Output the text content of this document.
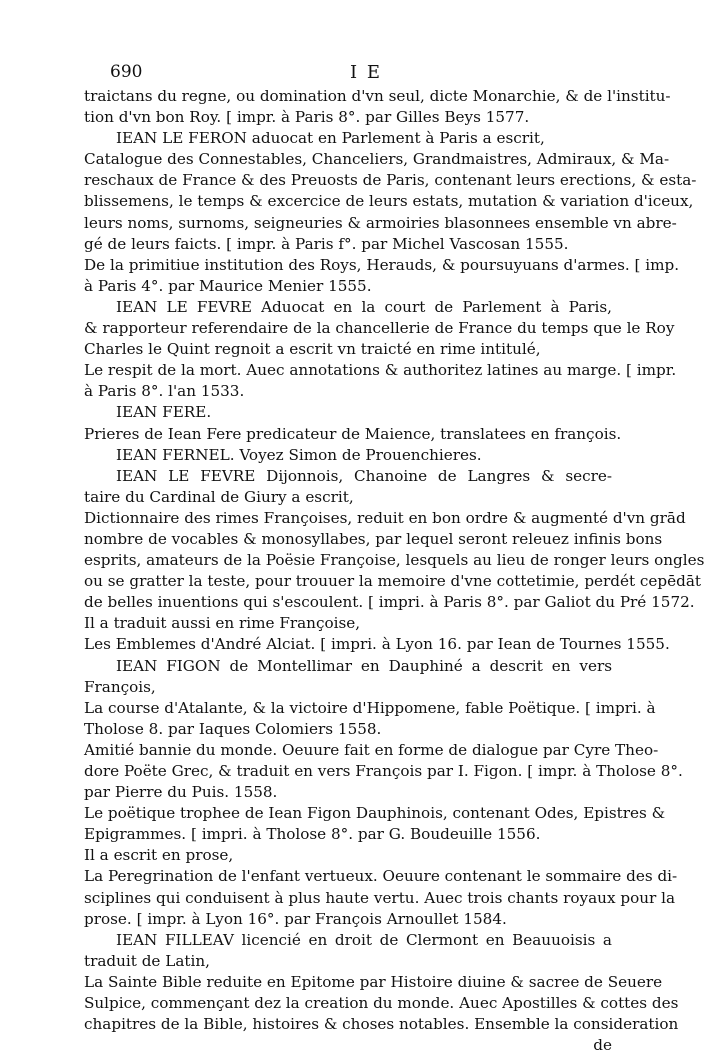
690	I E
traictans du regne, ou domination d'vn seul, dicte Monarchie, & de l'institu-
tion d'vn bon Roy. [ impr. à Paris 8°. par Gilles Beys 1577.
IEAN LE FERON aduocat en Parlement à Paris a escrit,
Catalogue des Connestables, Chanceliers, Grandmaistres, Admiraux, & Ma-
reschaux de France & des Preuosts de Paris, contenant leurs erections, & esta-
blissemens, le temps & excercice de leurs estats, mutation & variation d'iceux,
leurs noms, surnoms, seigneuries & armoiries blasonnees ensemble vn abre-
gé de leurs faicts. [ impr. à Paris f°. par Michel Vascosan 1555.
De la primitiue institution des Roys, Herauds, & poursuyuans d'armes. [ imp.
à Paris 4°. par Maurice Menier 1555.
IEAN LE FEVRE Aduocat en la court de Parlement à Paris,
& rapporteur referendaire de la chancellerie de France du temps que le Roy
Charles le Quint regnoit a escrit vn traicté en rime intitulé,
Le respit de la mort. Auec annotations & authoritez latines au marge. [ impr.
à Paris 8°. l'an 1533.
IEAN FERE.
Prieres de Iean Fere predicateur de Maience, translatees en françois.
IEAN FERNEL. Voyez Simon de Prouenchieres.
IEAN LE FEVRE Dijonnois, Chanoine de Langres & secre-
taire du Cardinal de Giury a escrit,
Dictionnaire des rimes Françoises, reduit en bon ordre & augmenté d'vn grād
nombre de vocables & monosyllabes, par lequel seront releuez infinis bons
esprits, amateurs de la Poësie Françoise, lesquels au lieu de ronger leurs ongles
ou se gratter la teste, pour trouuer la memoire d'vne cottetimie, perdét cepēdāt
de belles inuentions qui s'escoulent. [ impri. à Paris 8°. par Galiot du Pré 1572.
Il a traduit aussi en rime Françoise,
Les Emblemes d'André Alciat. [ impri. à Lyon 16. par Iean de Tournes 1555.
IEAN FIGON de Montellimar en Dauphiné a descrit en vers
François,
La course d'Atalante, & la victoire d'Hippomene, fable Poëtique. [ impri. à
Tholose 8. par Iaques Colomiers 1558.
Amitié bannie du monde. Oeuure fait en forme de dialogue par Cyre Theo-
dore Poëte Grec, & traduit en vers François par I. Figon. [ impr. à Tholose 8°.
par Pierre du Puis. 1558.
Le poëtique trophee de Iean Figon Dauphinois, contenant Odes, Epistres &
Epigrammes. [ impri. à Tholose 8°. par G. Boudeuille 1556.
Il a escrit en prose,
La Peregrination de l'enfant vertueux. Oeuure contenant le sommaire des di-
sciplines qui conduisent à plus haute vertu. Auec trois chants royaux pour la
prose. [ impr. à Lyon 16°. par François Arnoullet 1584.
IEAN FILLEAV licencié en droit de Clermont en Beauuoisis a
traduit de Latin,
La Sainte Bible reduite en Epitome par Histoire diuine & sacree de Seuere
Sulpice, commençant dez la creation du monde. Auec Apostilles & cottes des
chapitres de la Bible, histoires & choses notables. Ensemble la consideration
de
